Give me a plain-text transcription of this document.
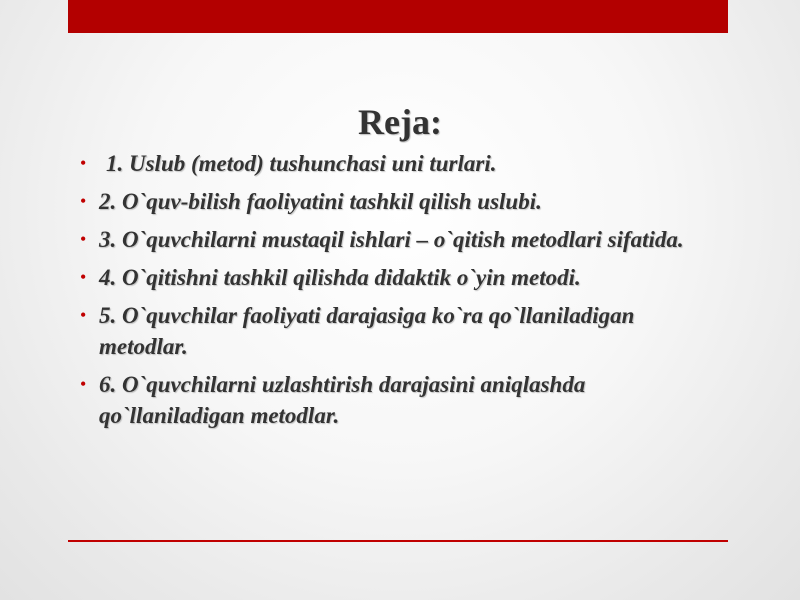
Reja:
• 1. Uslub (metod) tushunchasi uni turlari.
• 2. O`quv-bilish faoliyatini tashkil qilish uslubi.
• 3. O`quvchilarni mustaqil ishlari – o`qitish metodlari sifatida.
• 4. O`qitishni tashkil qilishda didaktik o`yin metodi.
• 5. O`quvchilar faoliyati darajasiga ko`ra qo`llaniladigan metodlar.
• 6. O`quvchilarni uzlashtirish darajasini aniqlashda qo`llaniladigan metodlar.
